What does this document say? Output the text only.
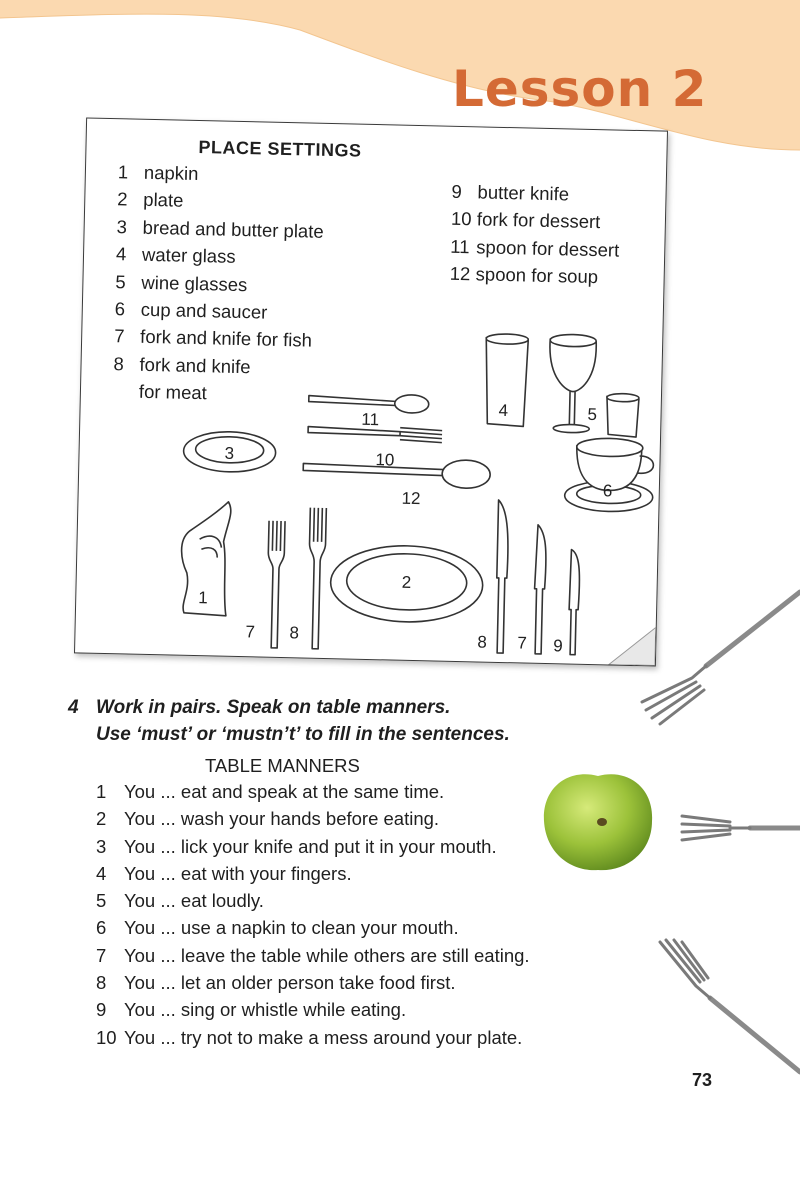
Lesson 2
PLACE SETTINGS
1 napkin
2 plate
3 bread and butter plate
4 water glass
5 wine glasses
6 cup and saucer
7 fork and knife for fish
8 fork and knife
for meat
9 butter knife
10 fork for dessert
11 spoon for dessert
12 spoon for soup
3
11
10
12
4	5
6
1
2
7 8	8 7 9

4 Work in pairs. Speak on table manners.
Use ‘must’ or ‘mustn’t’ to fill in the sentences.

TABLE MANNERS

1 You ... eat and speak at the same time.
2 You ... wash your hands before eating.
3 You ... lick your knife and put it in your mouth.
4 You ... eat with your fingers.
5 You ... eat loudly.
6 You ... use a napkin to clean your mouth.
7 You ... leave the table while others are still eating.
8 You ... let an older person take food first.
9 You ... sing or whistle while eating.
10 You ... try not to make a mess around your plate.

73
